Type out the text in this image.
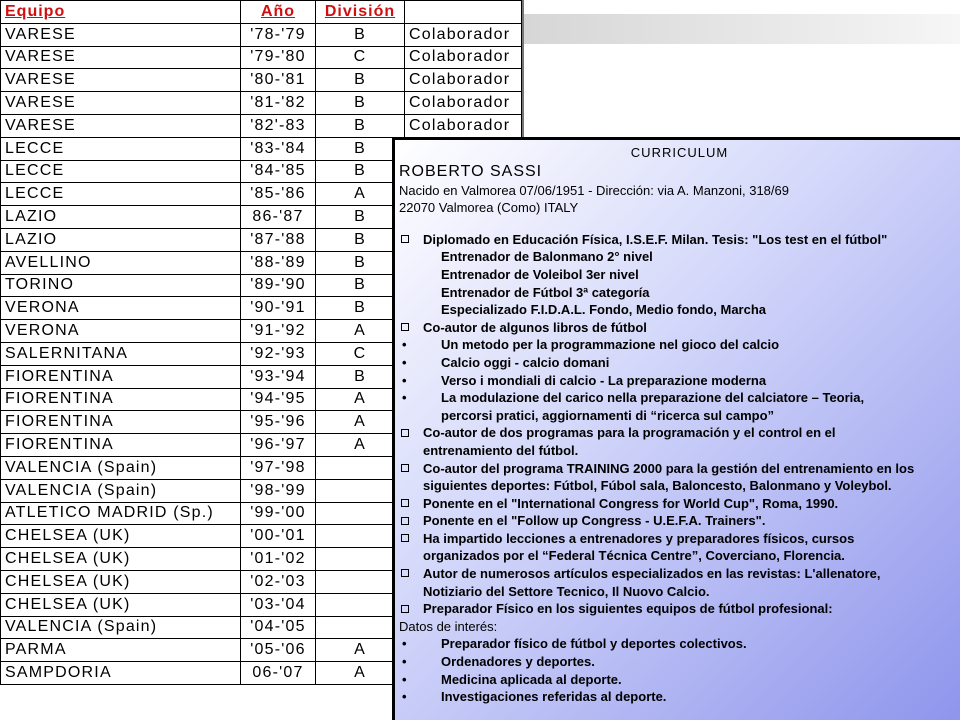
Equipo	Año	División	
VARESE	'78-'79	B	Colaborador
VARESE	'79-'80	C	Colaborador
VARESE	'80-'81	B	Colaborador
VARESE	'81-'82	B	Colaborador
VARESE	'82'-83	B	Colaborador
LECCE	'83-'84	B	
LECCE	'84-'85	B	
LECCE	'85-'86	A	
LAZIO	86-'87	B	
LAZIO	'87-'88	B	
AVELLINO	'88-'89	B	
TORINO	'89-'90	B	
VERONA	'90-'91	B	
VERONA	'91-'92	A	
SALERNITANA	'92-'93	C	
FIORENTINA	'93-'94	B	
FIORENTINA	'94-'95	A	
FIORENTINA	'95-'96	A	
FIORENTINA	'96-'97	A	
VALENCIA (Spain)	'97-'98		
VALENCIA (Spain)	'98-'99		
ATLETICO MADRID (Sp.)	'99-'00		
CHELSEA (UK)	'00-'01		
CHELSEA (UK)	'01-'02		
CHELSEA (UK)	'02-'03		
CHELSEA (UK)	'03-'04		
VALENCIA (Spain)	'04-'05		
PARMA	'05-'06	A	
SAMPDORIA	06-'07	A	
CURRICULUM
ROBERTO SASSI
Nacido en Valmorea 07/06/1951 - Dirección: via A. Manzoni, 318/69
22070 Valmorea (Como) ITALY
Diplomado en Educación Física, I.S.E.F. Milan. Tesis: "Los test en el fútbol"
Entrenador de Balonmano 2° nivel
Entrenador de Voleibol 3er nivel
Entrenador de Fútbol 3ª categoría
Especializado F.I.D.A.L. Fondo, Medio fondo, Marcha
Co-autor de algunos libros de fútbol
•	Un metodo per la programmazione nel gioco del calcio
•	Calcio oggi - calcio domani
•	Verso i mondiali di calcio - La preparazione moderna
•	La modulazione del carico nella preparazione del calciatore – Teoria,
percorsi pratici, aggiornamenti di “ricerca sul campo”
Co-autor de dos programas para la programación y el control en el
entrenamiento del fútbol.
Co-autor del programa TRAINING 2000 para la gestión del entrenamiento en los
siguientes deportes: Fútbol, Fúbol sala, Baloncesto, Balonmano y Voleybol.
Ponente en el "International Congress for World Cup", Roma, 1990.
Ponente en el "Follow up Congress - U.E.F.A. Trainers".
Ha impartido lecciones a entrenadores y preparadores físicos, cursos
organizados por el “Federal Técnica Centre”, Coverciano, Florencia.
Autor de numerosos artículos especializados en las revistas: L'allenatore,
Notiziario del Settore Tecnico, Il Nuovo Calcio.
Preparador Físico en los siguientes equipos de fútbol profesional:
Datos de interés:
•	Preparador físico de fútbol y deportes colectivos.
•	Ordenadores y deportes.
•	Medicina aplicada al deporte.
•	Investigaciones referidas al deporte.
